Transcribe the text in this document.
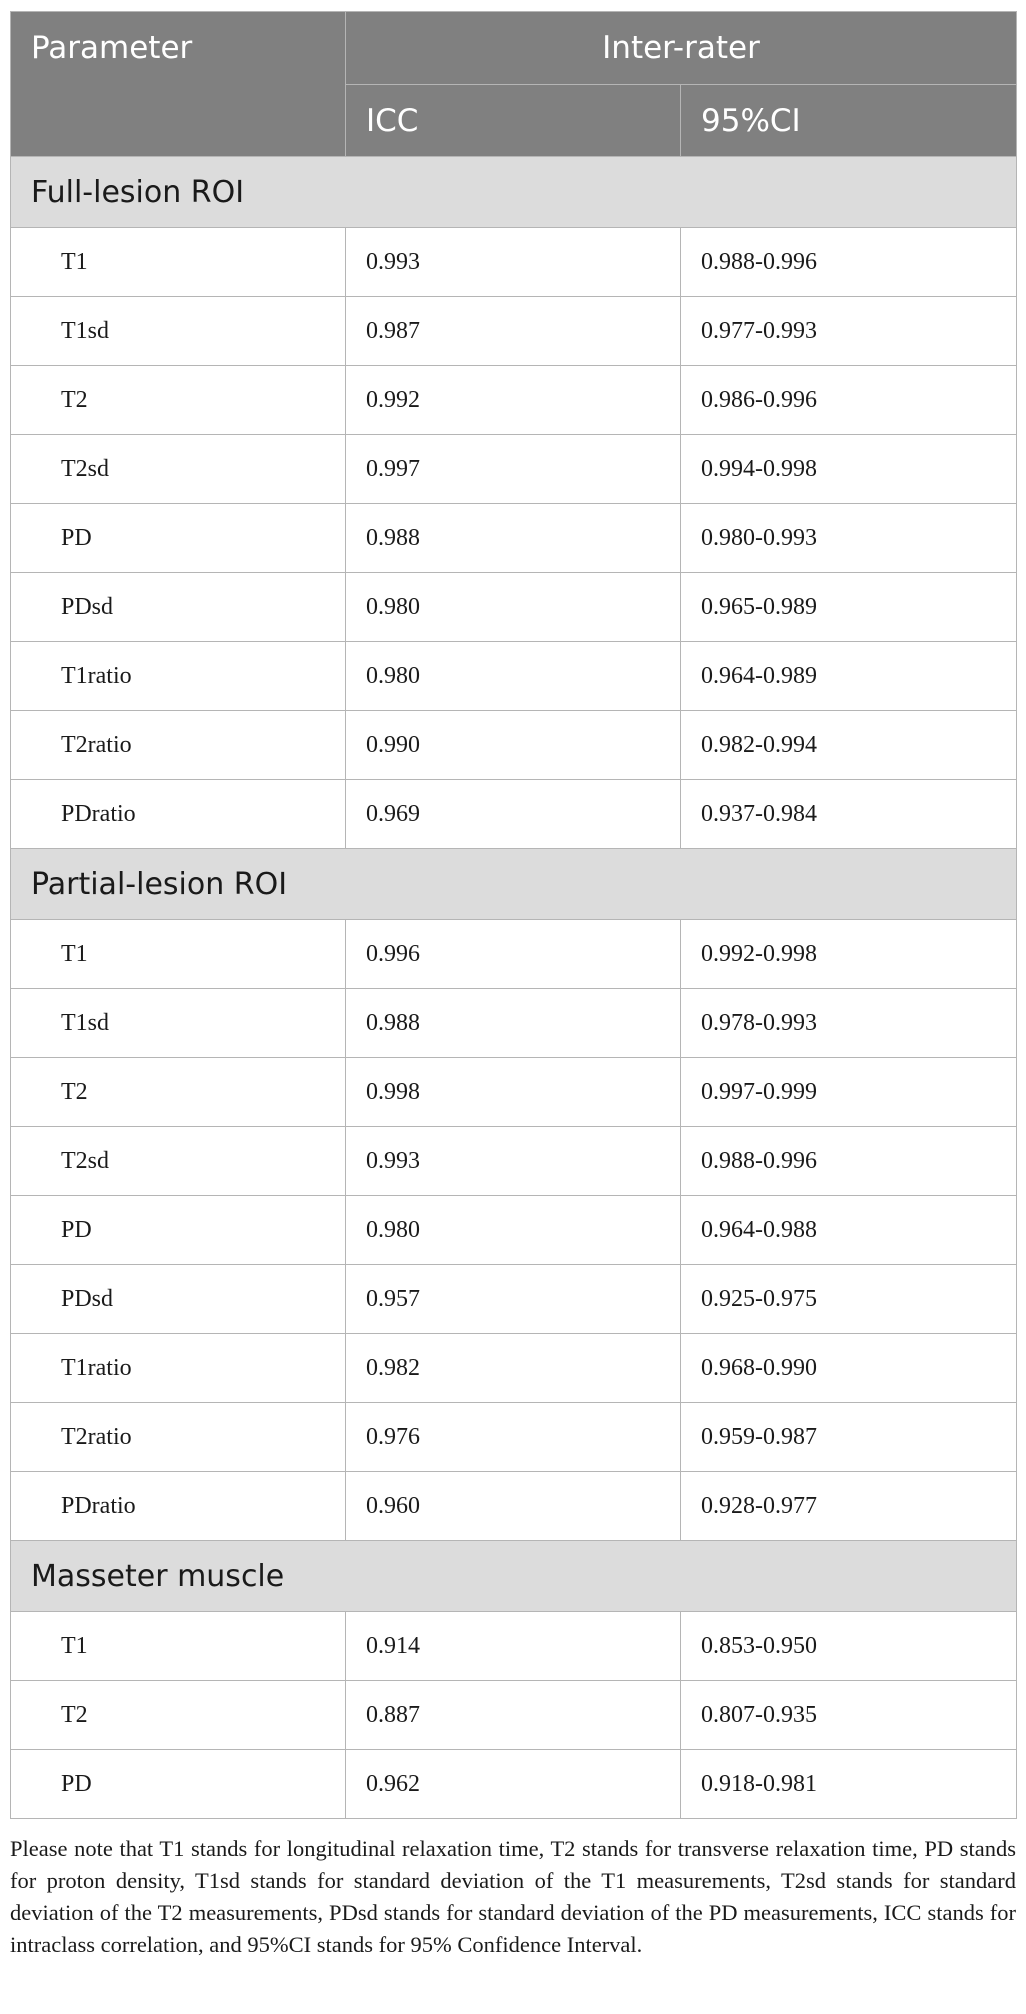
Parameter	Inter-rater	
	ICC	95%CI
Full-lesion ROI		
T1	0.993	0.988-0.996
T1sd	0.987	0.977-0.993
T2	0.992	0.986-0.996
T2sd	0.997	0.994-0.998
PD	0.988	0.980-0.993
PDsd	0.980	0.965-0.989
T1ratio	0.980	0.964-0.989
T2ratio	0.990	0.982-0.994
PDratio	0.969	0.937-0.984
Partial-lesion ROI		
T1	0.996	0.992-0.998
T1sd	0.988	0.978-0.993
T2	0.998	0.997-0.999
T2sd	0.993	0.988-0.996
PD	0.980	0.964-0.988
PDsd	0.957	0.925-0.975
T1ratio	0.982	0.968-0.990
T2ratio	0.976	0.959-0.987
PDratio	0.960	0.928-0.977
Masseter muscle		
T1	0.914	0.853-0.950
T2	0.887	0.807-0.935
PD	0.962	0.918-0.981

Please note that T1 stands for longitudinal relaxation time, T2 stands for transverse relaxation time, PD stands for proton density, T1sd stands for standard deviation of the T1 measurements, T2sd stands for standard deviation of the T2 measurements, PDsd stands for standard deviation of the PD measurements, ICC stands for intraclass correlation, and 95%CI stands for 95% Confidence Interval.
